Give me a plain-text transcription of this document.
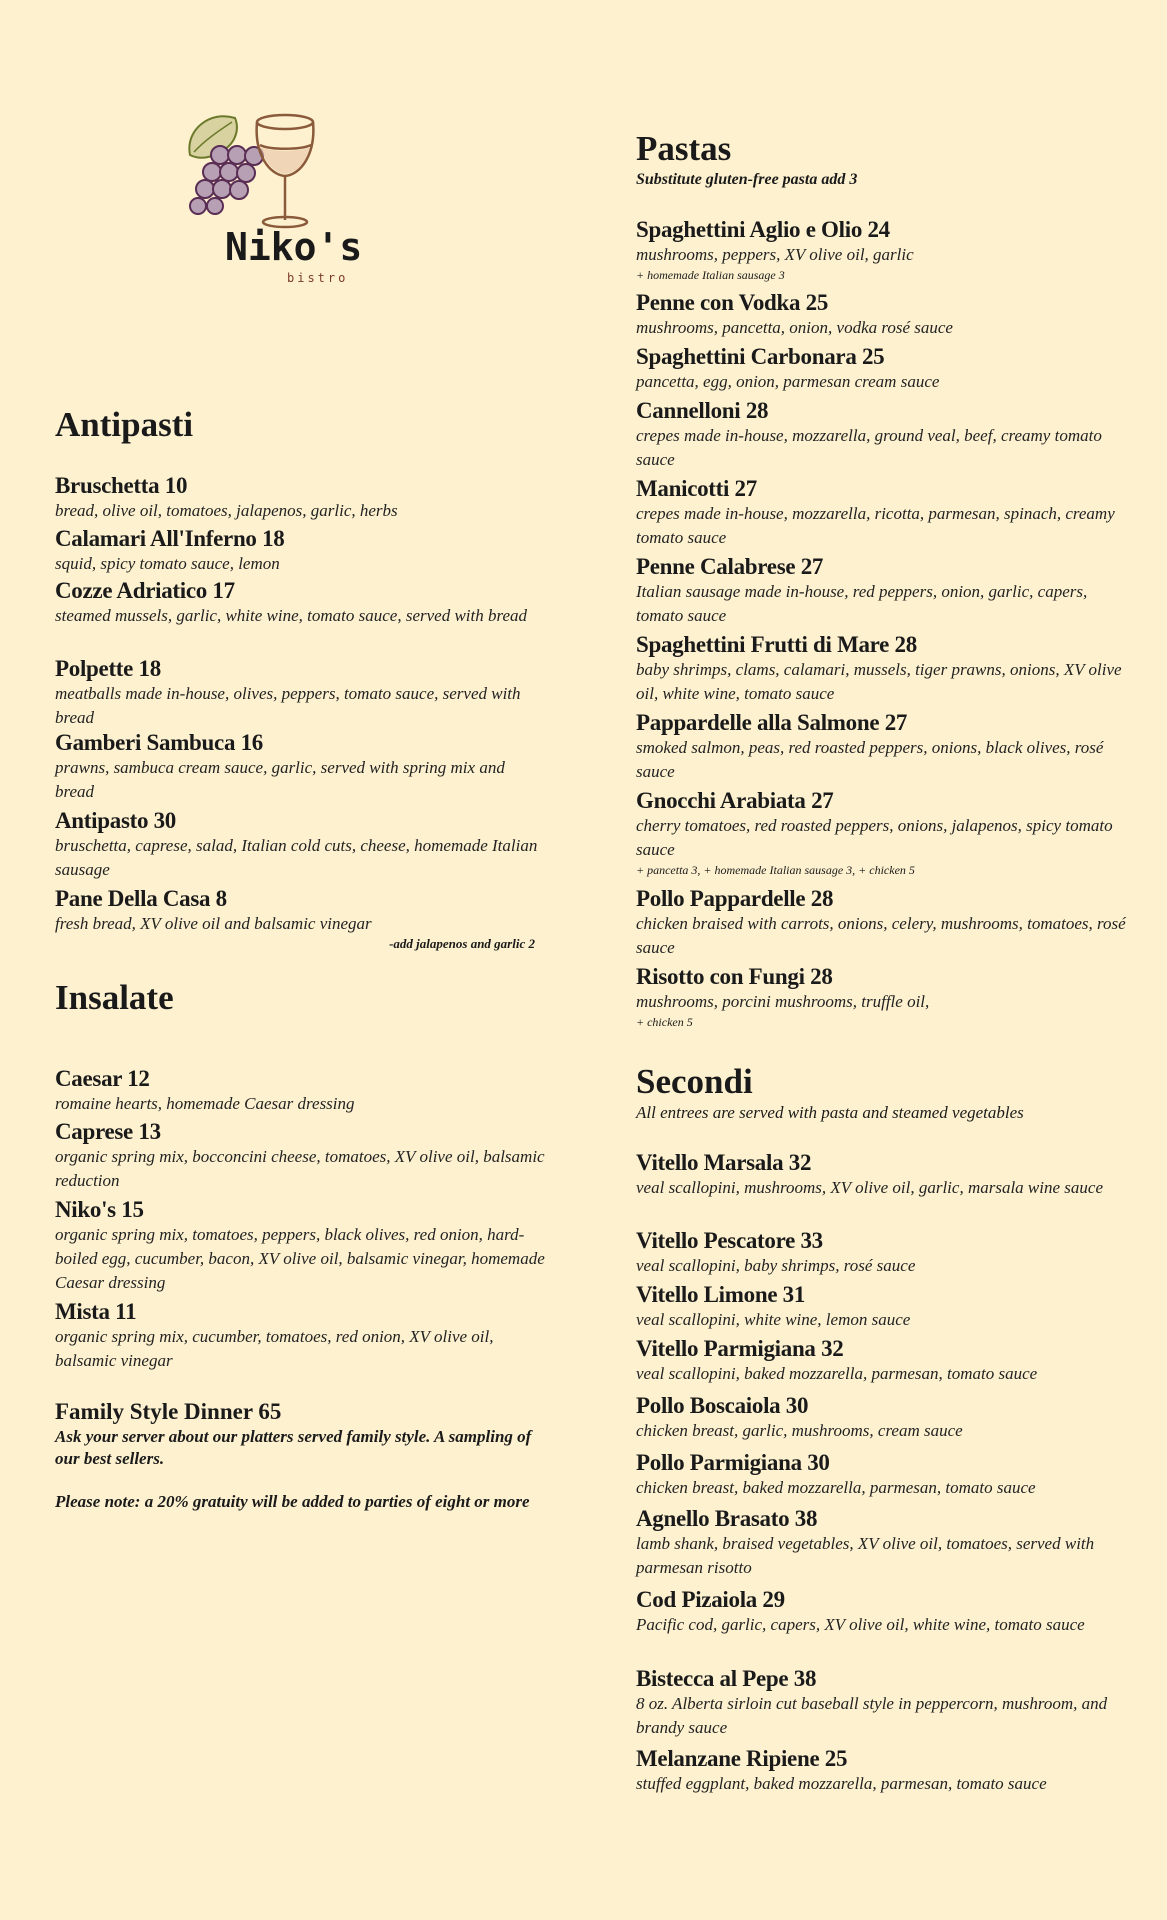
Niko's
bistro
Antipasti
Bruschetta 10
bread, olive oil, tomatoes, jalapenos, garlic, herbs
Calamari All'Inferno 18
squid, spicy tomato sauce, lemon
Cozze Adriatico 17
steamed mussels, garlic, white wine, tomato sauce, served with bread
Polpette 18
meatballs made in-house, olives, peppers, tomato sauce, served with bread
Gamberi Sambuca 16
prawns, sambuca cream sauce, garlic, served with spring mix and bread
Antipasto 30
bruschetta, caprese, salad, Italian cold cuts, cheese, homemade Italian sausage
Pane Della Casa 8
fresh bread, XV olive oil and balsamic vinegar
-add jalapenos and garlic 2
Insalate
Caesar 12
romaine hearts, homemade Caesar dressing
Caprese 13
organic spring mix, bocconcini cheese, tomatoes, XV olive oil, balsamic reduction
Niko's 15
organic spring mix, tomatoes, peppers, black olives, red onion, hard-boiled egg, cucumber, bacon, XV olive oil, balsamic vinegar, homemade Caesar dressing
Mista 11
organic spring mix, cucumber, tomatoes, red onion, XV olive oil, balsamic vinegar
Family Style Dinner 65
Ask your server about our platters served family style. A sampling of our best sellers.
Please note: a 20% gratuity will be added to parties of eight or more
Pastas
Substitute gluten-free pasta add 3
Spaghettini Aglio e Olio 24
mushrooms, peppers, XV olive oil, garlic
+ homemade Italian sausage 3
Penne con Vodka 25
mushrooms, pancetta, onion, vodka rosé sauce
Spaghettini Carbonara 25
pancetta, egg, onion, parmesan cream sauce
Cannelloni 28
crepes made in-house, mozzarella, ground veal, beef, creamy tomato sauce
Manicotti 27
crepes made in-house, mozzarella, ricotta, parmesan, spinach, creamy tomato sauce
Penne Calabrese 27
Italian sausage made in-house, red peppers, onion, garlic, capers, tomato sauce
Spaghettini Frutti di Mare 28
baby shrimps, clams, calamari, mussels, tiger prawns, onions, XV olive oil, white wine, tomato sauce
Pappardelle alla Salmone 27
smoked salmon, peas, red roasted peppers, onions, black olives, rosé sauce
Gnocchi Arabiata 27
cherry tomatoes, red roasted peppers, onions, jalapenos, spicy tomato sauce
+ pancetta 3, + homemade Italian sausage 3, + chicken 5
Pollo Pappardelle 28
chicken braised with carrots, onions, celery, mushrooms, tomatoes, rosé sauce
Risotto con Fungi 28
mushrooms, porcini mushrooms, truffle oil,
+ chicken 5
Secondi
All entrees are served with pasta and steamed vegetables
Vitello Marsala 32
veal scallopini, mushrooms, XV olive oil, garlic, marsala wine sauce
Vitello Pescatore 33
veal scallopini, baby shrimps, rosé sauce
Vitello Limone 31
veal scallopini, white wine, lemon sauce
Vitello Parmigiana 32
veal scallopini, baked mozzarella, parmesan, tomato sauce
Pollo Boscaiola 30
chicken breast, garlic, mushrooms, cream sauce
Pollo Parmigiana 30
chicken breast, baked mozzarella, parmesan, tomato sauce
Agnello Brasato 38
lamb shank, braised vegetables, XV olive oil, tomatoes, served with parmesan risotto
Cod Pizaiola 29
Pacific cod, garlic, capers, XV olive oil, white wine, tomato sauce
Bistecca al Pepe 38
8 oz. Alberta sirloin cut baseball style in peppercorn, mushroom, and brandy sauce
Melanzane Ripiene 25
stuffed eggplant, baked mozzarella, parmesan, tomato sauce
